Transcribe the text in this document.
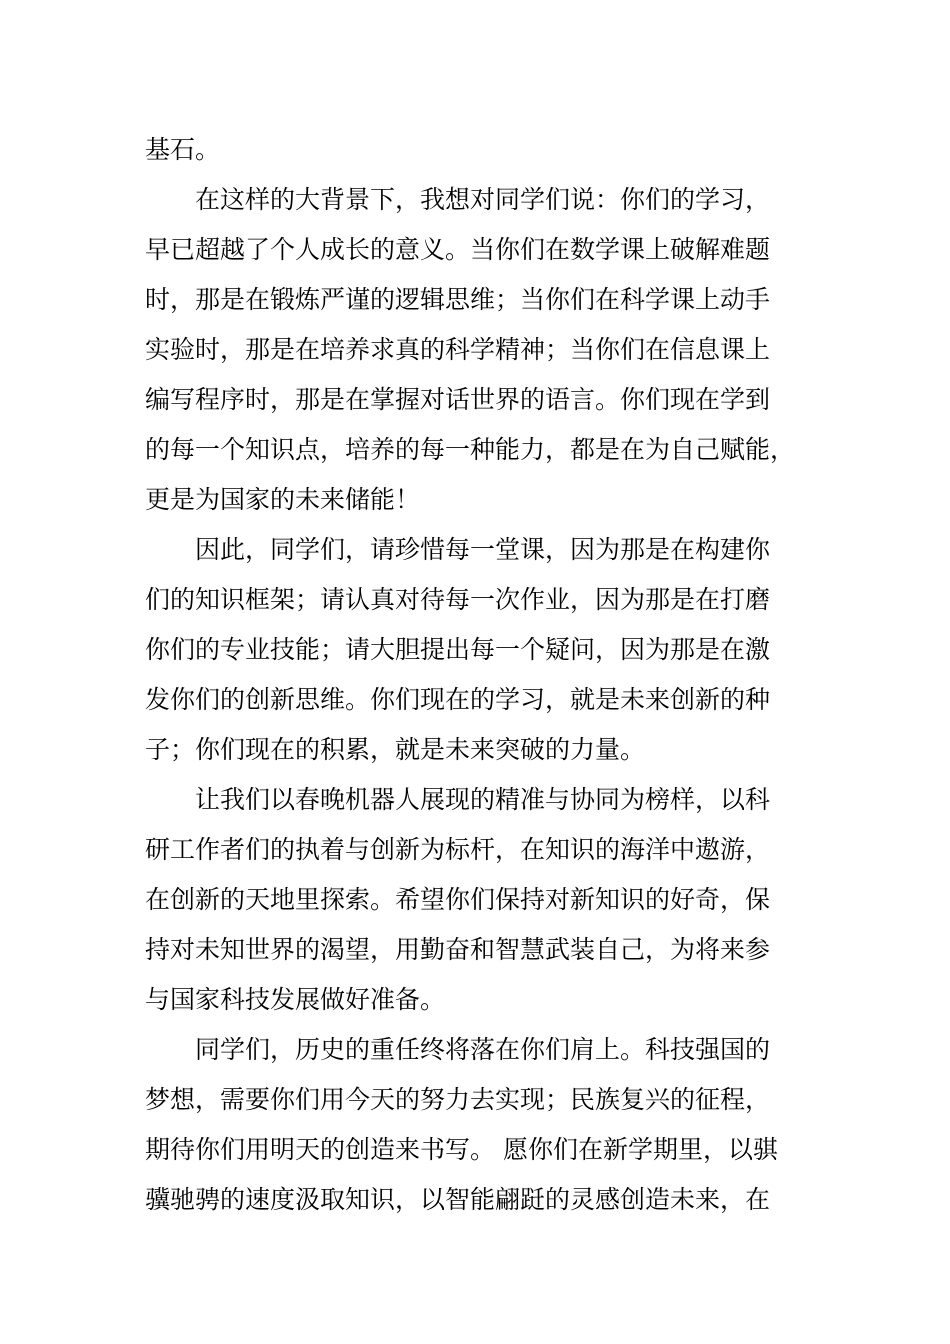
基石。
在这样的大背景下，我想对同学们说：你们的学习，
早已超越了个人成长的意义。当你们在数学课上破解难题
时，那是在锻炼严谨的逻辑思维；当你们在科学课上动手
实验时，那是在培养求真的科学精神；当你们在信息课上
编写程序时，那是在掌握对话世界的语言。你们现在学到
的每一个知识点，培养的每一种能力，都是在为自己赋能，
更是为国家的未来储能！
因此，同学们，请珍惜每一堂课，因为那是在构建你
们的知识框架；请认真对待每一次作业，因为那是在打磨
你们的专业技能；请大胆提出每一个疑问，因为那是在激
发你们的创新思维。你们现在的学习，就是未来创新的种
子；你们现在的积累，就是未来突破的力量。
让我们以春晚机器人展现的精准与协同为榜样，以科
研工作者们的执着与创新为标杆，在知识的海洋中遨游，
在创新的天地里探索。希望你们保持对新知识的好奇，保
持对未知世界的渴望，用勤奋和智慧武装自己，为将来参
与国家科技发展做好准备。
同学们，历史的重任终将落在你们肩上。科技强国的
梦想，需要你们用今天的努力去实现；民族复兴的征程，
期待你们用明天的创造来书写。 愿你们在新学期里，以骐
骥驰骋的速度汲取知识，以智能翩跹的灵感创造未来，在
